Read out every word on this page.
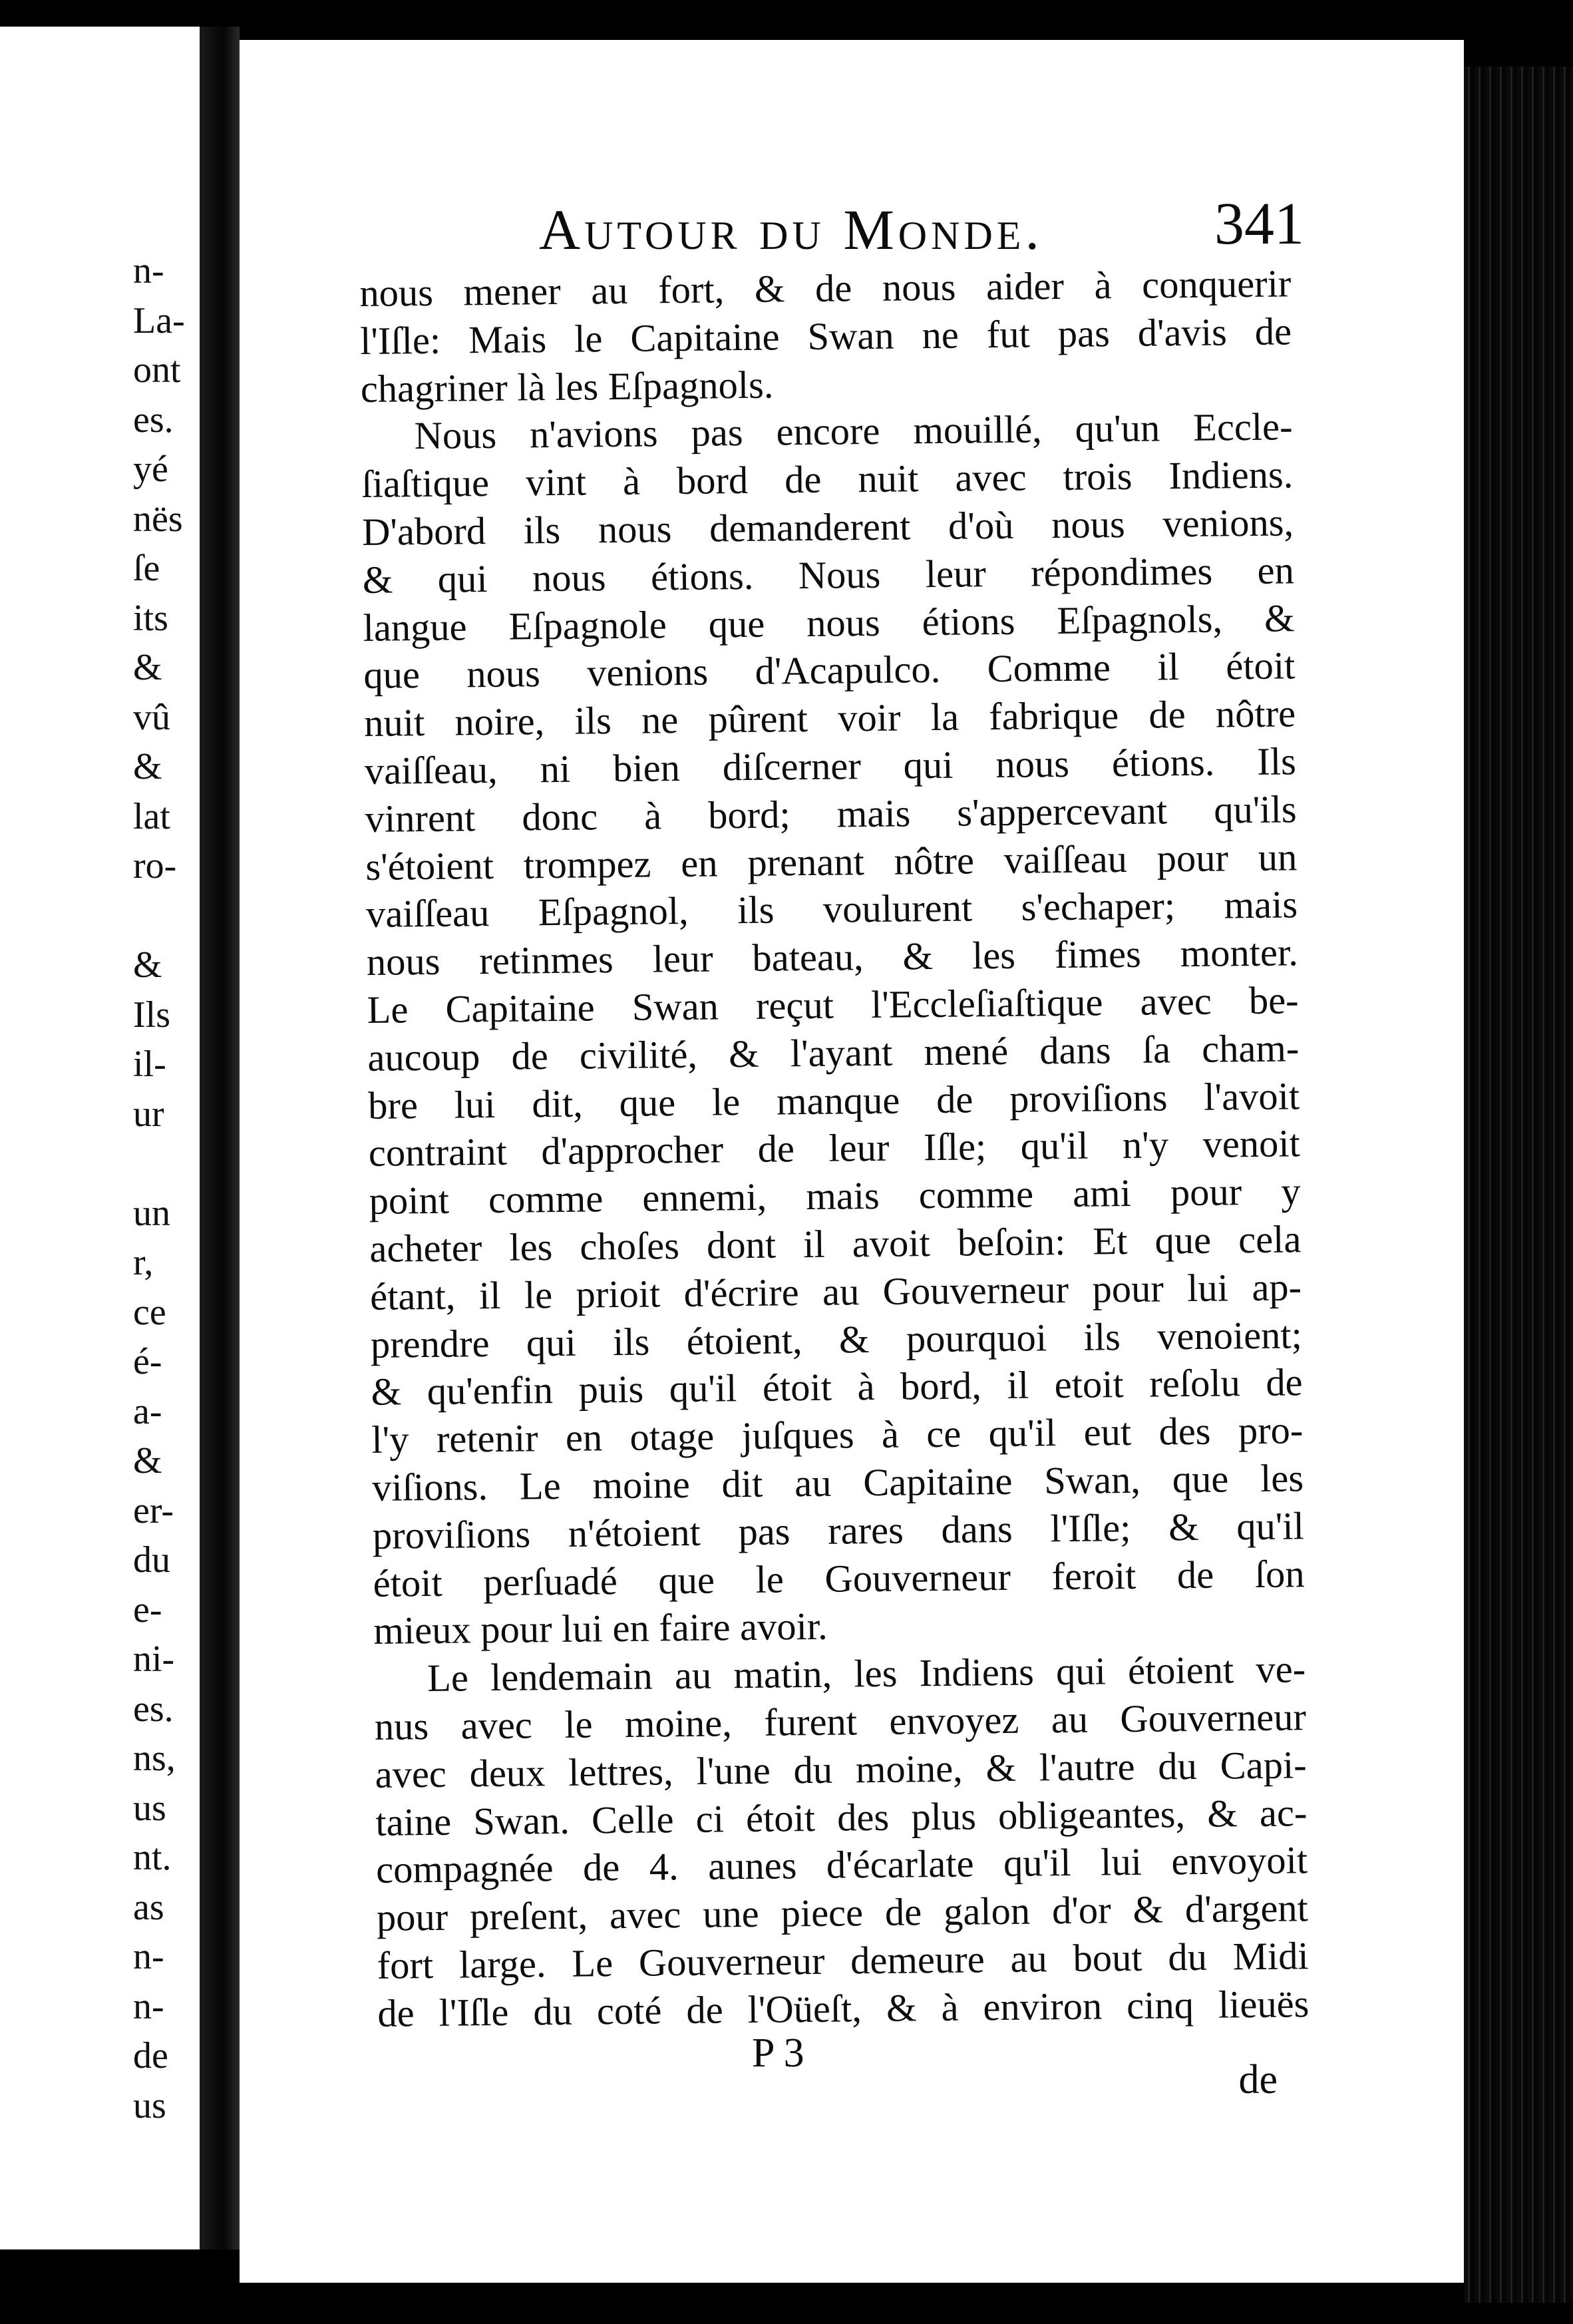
n-
La-
ont
es.
yé
nës
ſe
its
&
vû
&
lat
ro-

&
Ils
il-
ur

un
r,
ce
é-
a-
&
er-
du
e-
ni-
es.
ns,
us
nt.
as
n-
n-
de
us
Autour du Monde.	341
nous mener au fort, & de nous aider à conquerir
l'Iſle: Mais le Capitaine Swan ne fut pas d'avis de
chagriner là les Eſpagnols.
Nous n'avions pas encore mouillé, qu'un Eccle-
ſiaſtique vint à bord de nuit avec trois Indiens.
D'abord ils nous demanderent d'où nous venions,
& qui nous étions. Nous leur répondimes en
langue Eſpagnole que nous étions Eſpagnols, &
que nous venions d'Acapulco. Comme il étoit
nuit noire, ils ne pûrent voir la fabrique de nôtre
vaiſſeau, ni bien diſcerner qui nous étions. Ils
vinrent donc à bord; mais s'appercevant qu'ils
s'étoient trompez en prenant nôtre vaiſſeau pour un
vaiſſeau Eſpagnol, ils voulurent s'echaper; mais
nous retinmes leur bateau, & les fimes monter.
Le Capitaine Swan reçut l'Eccleſiaſtique avec be-
aucoup de civilité, & l'ayant mené dans ſa cham-
bre lui dit, que le manque de proviſions l'avoit
contraint d'approcher de leur Iſle; qu'il n'y venoit
point comme ennemi, mais comme ami pour y
acheter les choſes dont il avoit beſoin: Et que cela
étant, il le prioit d'écrire au Gouverneur pour lui ap-
prendre qui ils étoient, & pourquoi ils venoient;
& qu'enfin puis qu'il étoit à bord, il etoit reſolu de
l'y retenir en otage juſques à ce qu'il eut des pro-
viſions. Le moine dit au Capitaine Swan, que les
proviſions n'étoient pas rares dans l'Iſle; & qu'il
étoit perſuadé que le Gouverneur feroit de ſon
mieux pour lui en faire avoir.
Le lendemain au matin, les Indiens qui étoient ve-
nus avec le moine, furent envoyez au Gouverneur
avec deux lettres, l'une du moine, & l'autre du Capi-
taine Swan. Celle ci étoit des plus obligeantes, & ac-
compagnée de 4. aunes d'écarlate qu'il lui envoyoit
pour preſent, avec une piece de galon d'or & d'argent
fort large. Le Gouverneur demeure au bout du Midi
de l'Iſle du coté de l'Oüeſt, & à environ cinq lieuës
P 3
de
